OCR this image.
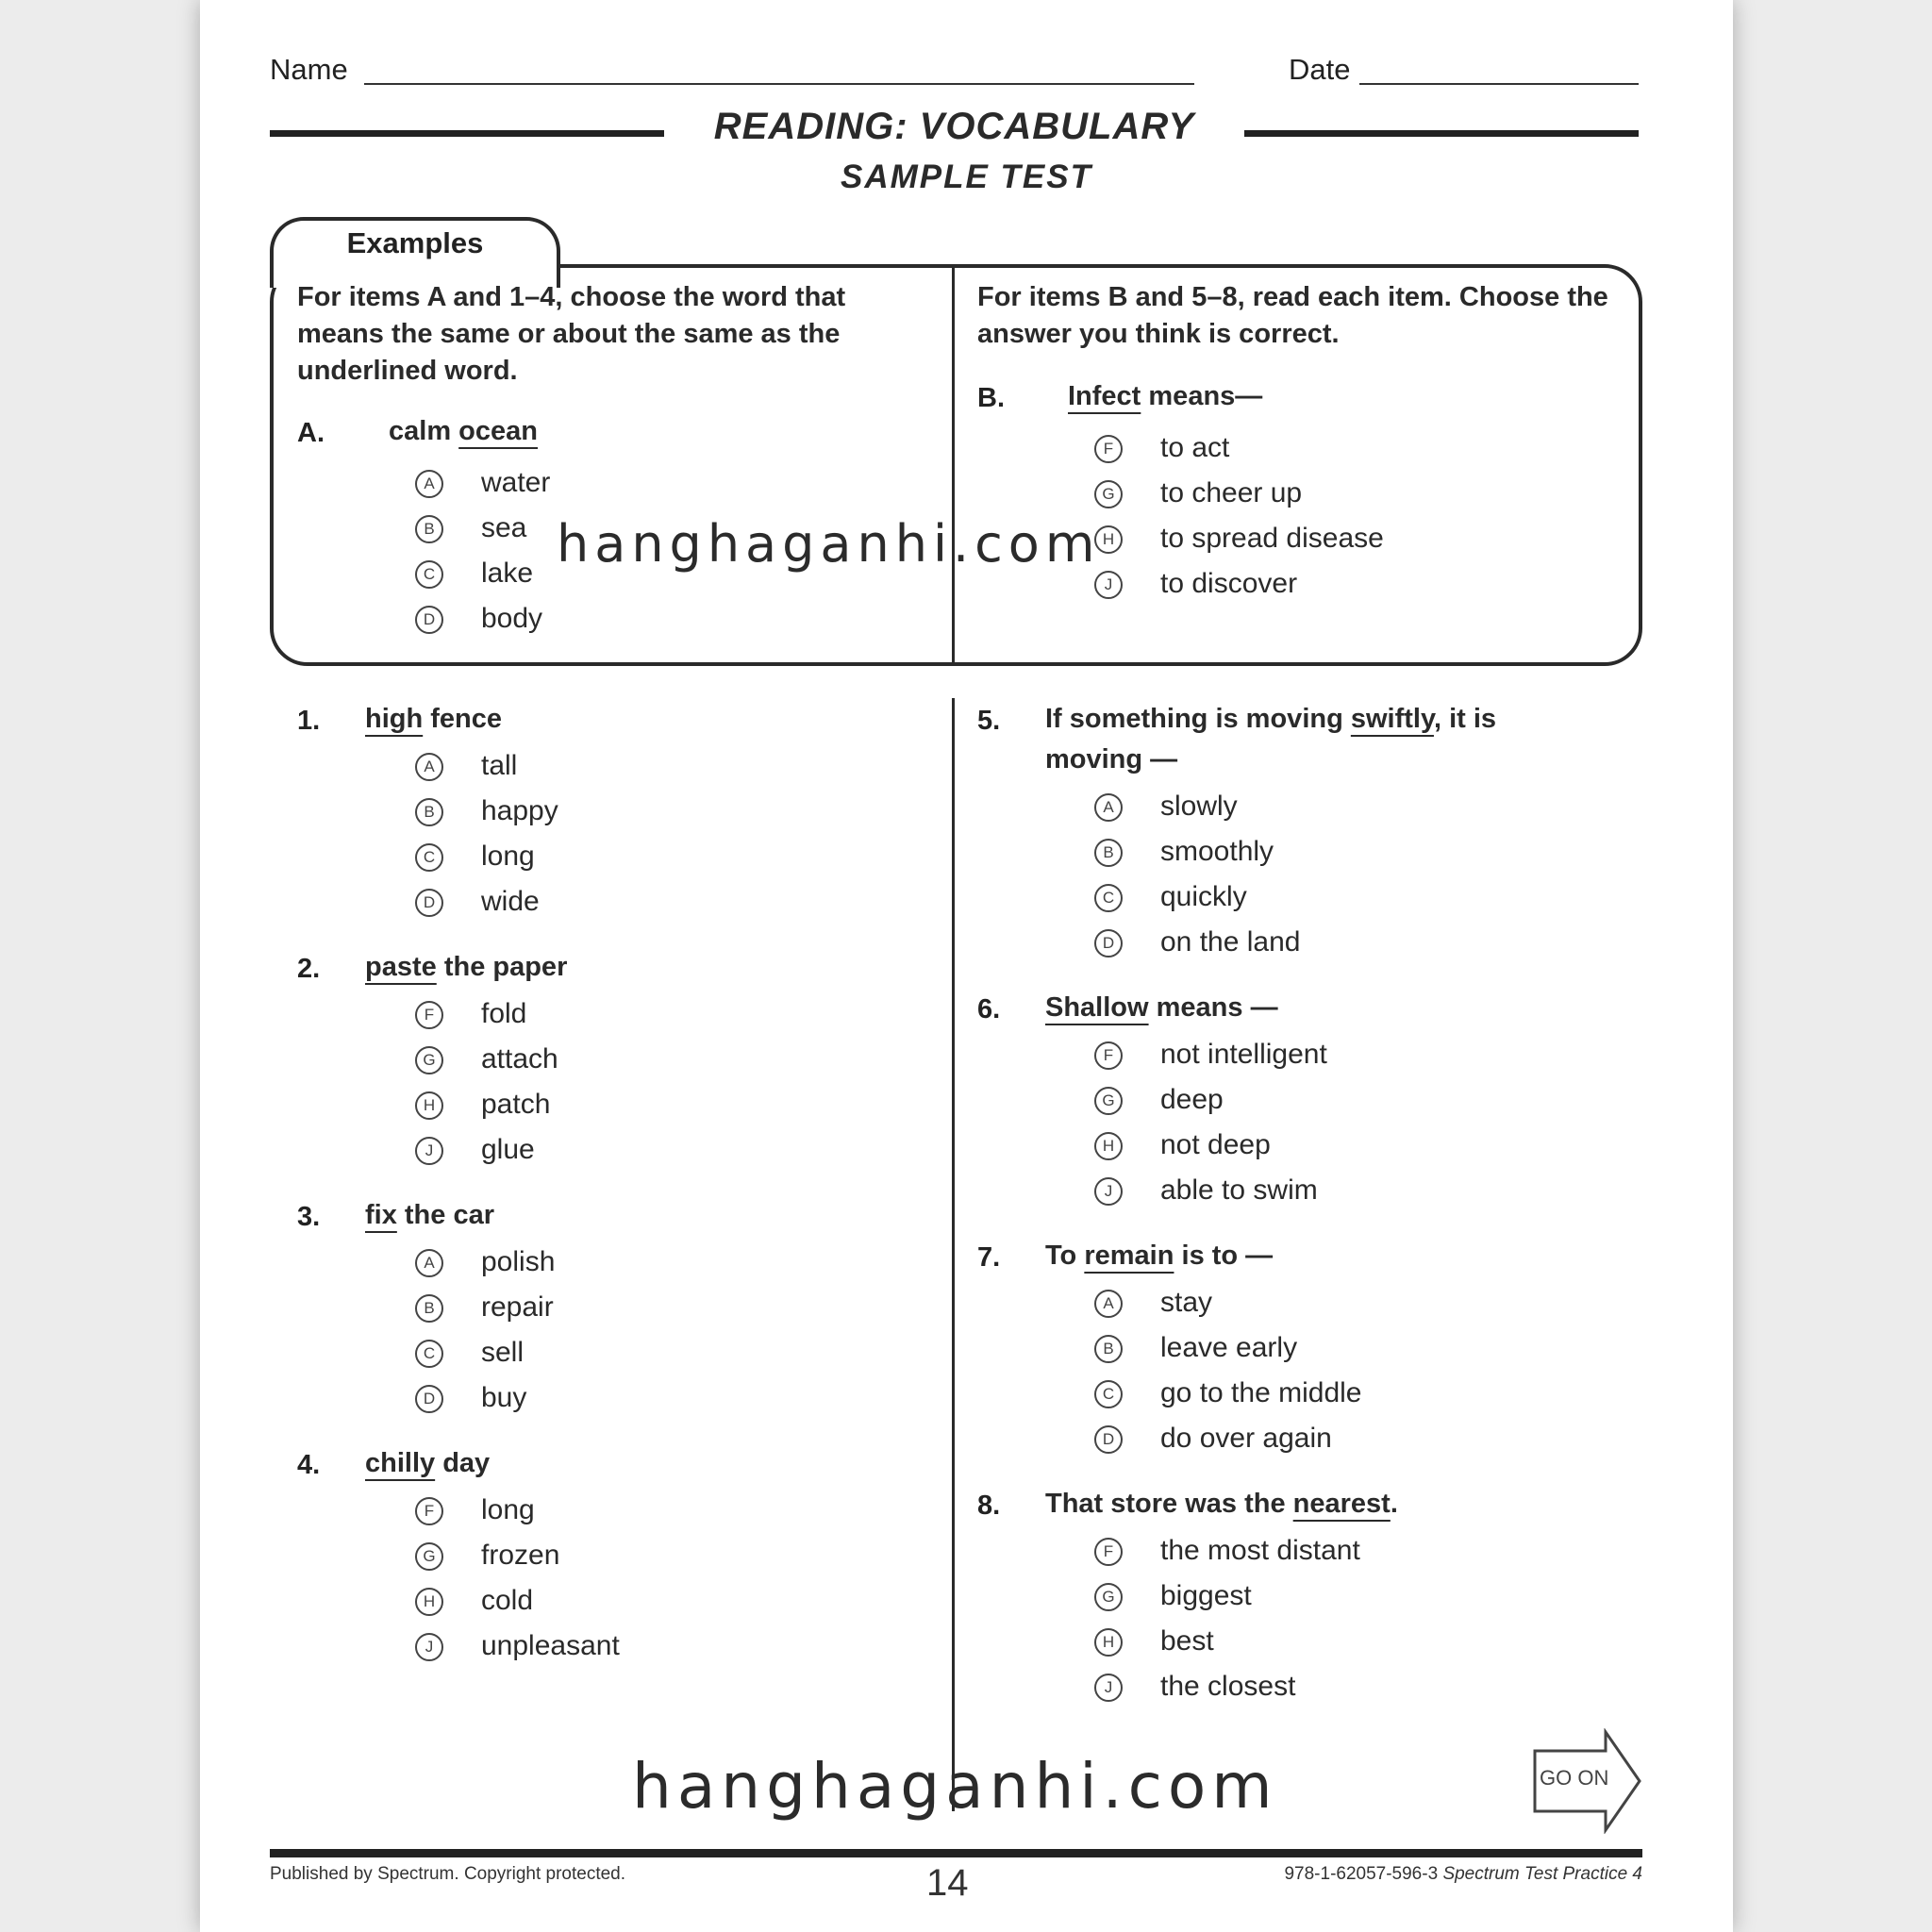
Name	Date
READING: VOCABULARY
SAMPLE TEST
Examples
For items A and 1–4, choose the word that means the same or about the same as the underlined word.
A. calm ocean
A	water
B	sea
C lake
D body
For items B and 5–8, read each item. Choose the answer you think is correct.
B. Infect means—
F	to act
G to cheer up
H to spread disease
J	to discover
1. high fence
A	tall
B	happy
C long
D wide
2. paste the paper
F	fold
G attach
H patch
J	glue
3. fix the car
A	polish
B	repair
C sell
D buy
4. chilly day
F	long
G frozen
H cold
J	unpleasant
5. If something is moving swiftly, it is
moving —
A	slowly
B	smoothly
C quickly
D on the land
6. Shallow means —
F	not intelligent
G deep
H not deep
J	able to swim
7. To remain is to —
A	stay
B	leave early
C go to the middle
D do over again
8. That store was the nearest.
F	the most distant
G biggest
H best
J	the closest
GO ON
Published by Spectrum. Copyright protected.	14	978-1-62057-596-3 Spectrum Test Practice 4
hanghaganhi.com
hanghaganhi.com
